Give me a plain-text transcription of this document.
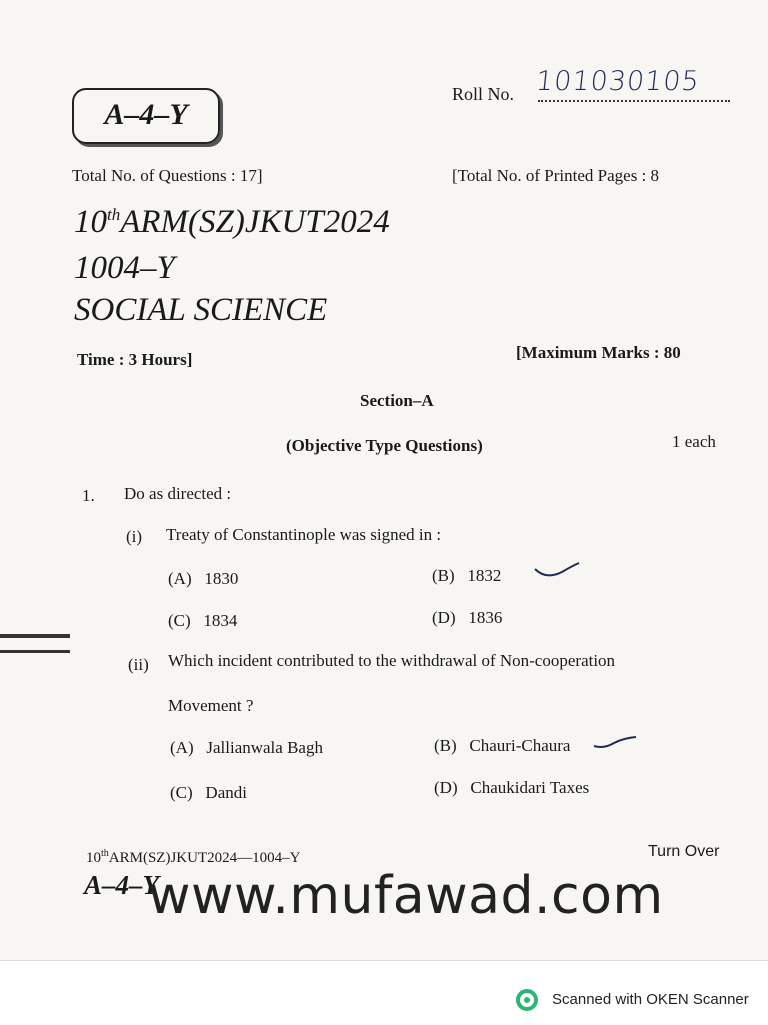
A–4–Y
Roll No. 101030105
Total No. of Questions : 17]	[Total No. of Printed Pages : 8
10thARM(SZ)JKUT2024
1004–Y
SOCIAL SCIENCE
Time : 3 Hours]	[Maximum Marks : 80
Section–A
(Objective Type Questions)	1 each
1. Do as directed :
(i) Treaty of Constantinople was signed in :
(A) 1830	(B) 1832
(C) 1834	(D) 1836
(ii) Which incident contributed to the withdrawal of Non-cooperation
Movement ?
(A) Jallianwala Bagh	(B) Chauri-Chaura
(C) Dandi	(D) Chaukidari Taxes
10thARM(SZ)JKUT2024—1004–Y	Turn Over
A–4–Y
www.mufawad.com
Scanned with OKEN Scanner
